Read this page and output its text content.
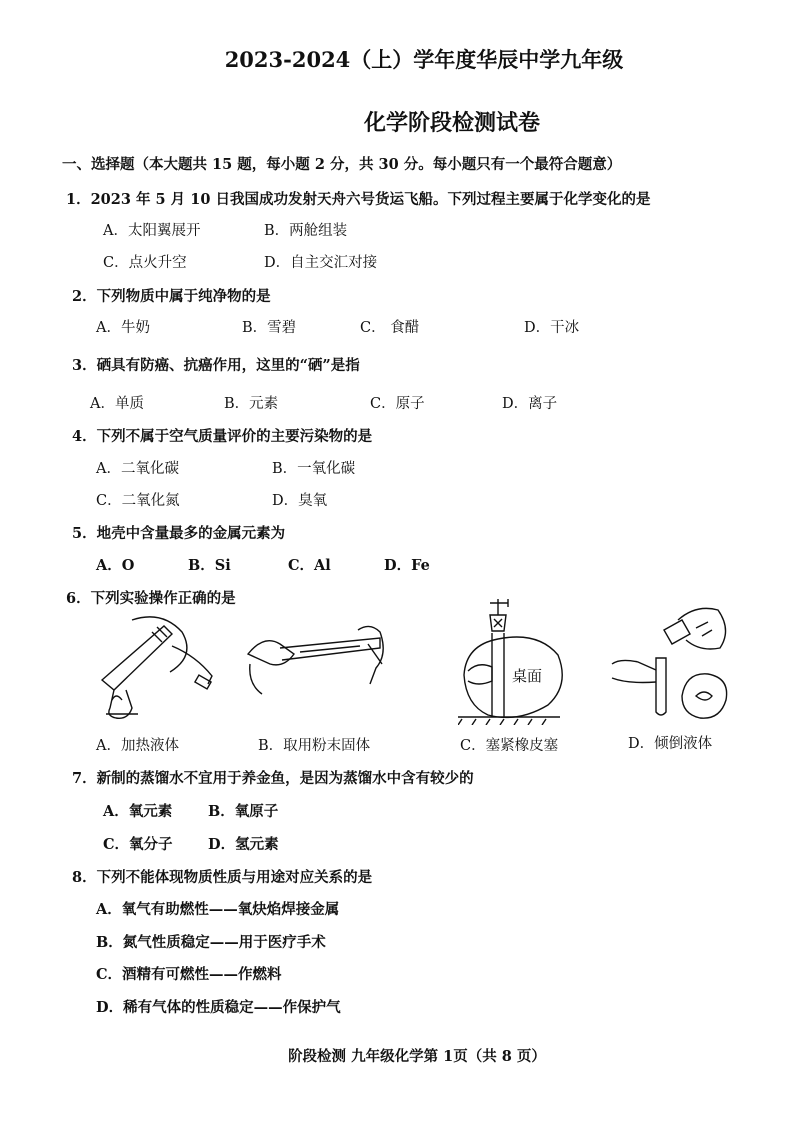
2023-2024（上）学年度华辰中学九年级
化学阶段检测试卷
一、选择题（本大题共 15 题，每小题 2 分，共 30 分。每小题只有一个最符合题意）
1．2023 年 5 月 10 日我国成功发射天舟六号货运飞船。下列过程主要属于化学变化的是
A．太阳翼展开	B．两舱组装
C．点火升空	D．自主交汇对接
2．下列物质中属于纯净物的是
A．牛奶	B．雪碧	C． 食醋	D．干冰
3．硒具有防癌、抗癌作用，这里的“硒”是指
A．单质	B．元素	C．原子	D．离子
4．下列不属于空气质量评价的主要污染物的是
A．二氧化碳	B．一氧化碳
C．二氧化氮	D．臭氧
5．地壳中含量最多的金属元素为
A．O	B．Si	C．Al	D．Fe
6．下列实验操作正确的是
桌面
A．加热液体	B．取用粉末固体	C．塞紧橡皮塞	D．倾倒液体
7．新制的蒸馏水不宜用于养金鱼，是因为蒸馏水中含有较少的
A．氧元素 B．氧原子
C．氧分子 D．氢元素
8．下列不能体现物质性质与用途对应关系的是
A．氧气有助燃性——氧炔焰焊接金属
B．氮气性质稳定——用于医疗手术
C．酒精有可燃性——作燃料
D．稀有气体的性质稳定——作保护气
阶段检测 九年级化学第 1页（共 8 页）
